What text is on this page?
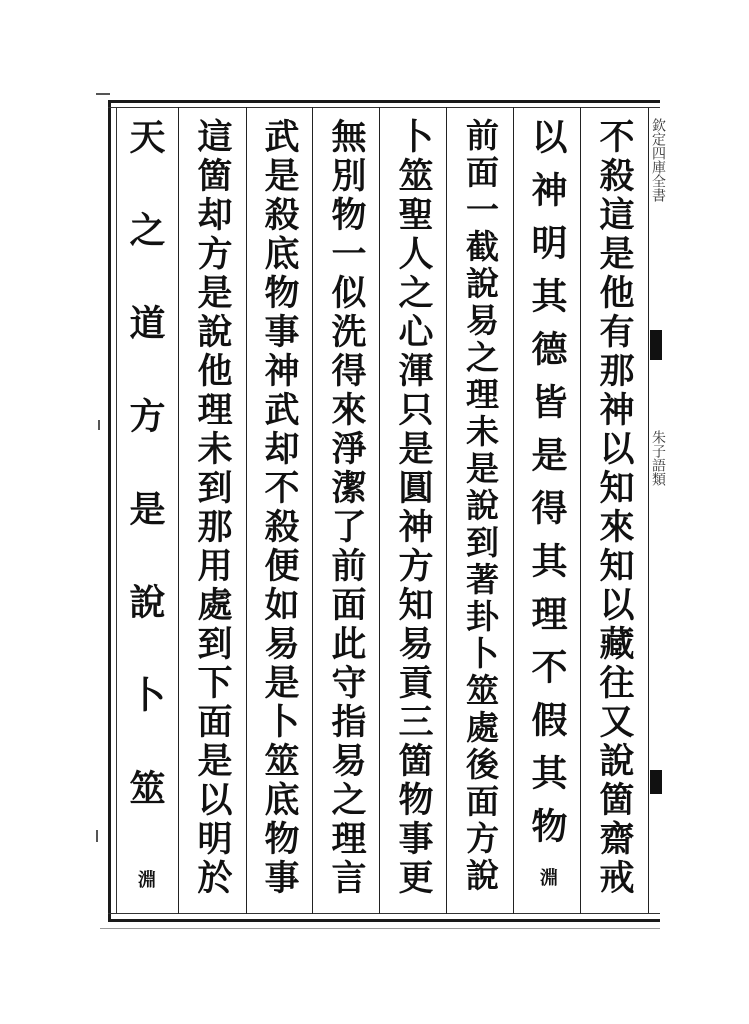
欽定四庫全書
朱子語類
不殺這是他有那神以知來知以藏往又說箇齋戒
以神明其德皆是得其理不假其物
淵
前面一截說易之理未是說到著卦卜筮處後面方說
卜筮聖人之心渾只是圓神方知易貢三箇物事更
無別物一似洗得來淨潔了前面此守指易之理言
武是殺底物事神武却不殺便如易是卜筮底物事
這箇却方是說他理未到那用處到下面是以明於
天之道方是說卜筮
淵
